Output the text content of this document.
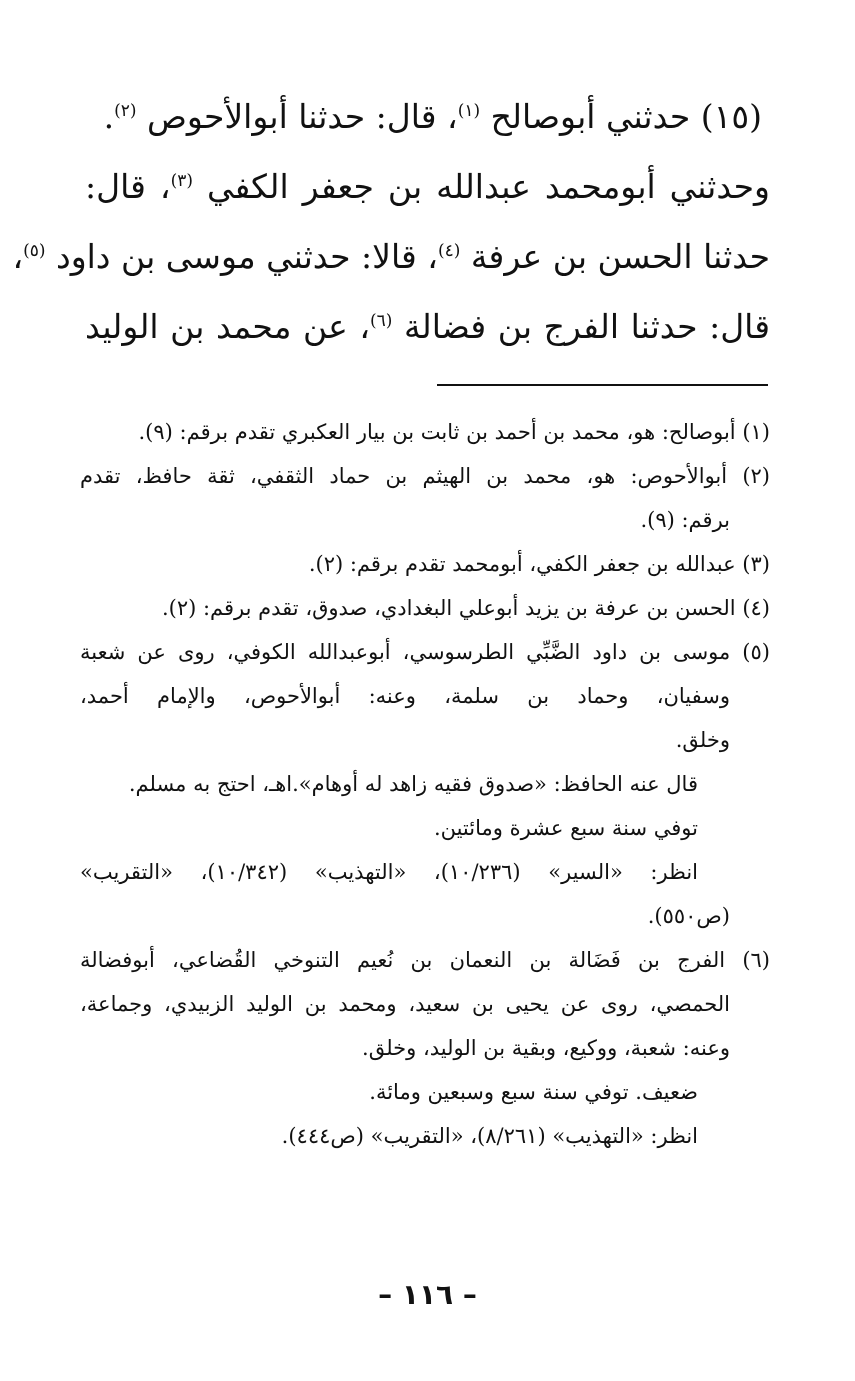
(١٥) حدثني أبوصالح $^{(١)}$، قال: حدثنا أبوالأحوص $^{(٢)}$.
وحدثني أبومحمد عبدالله بن جعفر الكفي $^{(٣)}$، قال:
حدثنا الحسن بن عرفة $^{(٤)}$، قالا: حدثني موسى بن داود $^{(٥)}$،
قال: حدثنا الفرج بن فضالة $^{(٦)}$، عن محمد بن الوليد
(١) أبوصالح: هو، محمد بن أحمد بن ثابت بن بيار العكبري تقدم برقم: (٩).
(٢) أبوالأحوص: هو، محمد بن الهيثم بن حماد الثقفي، ثقة حافظ، تقدم
برقم: (٩).
(٣) عبدالله بن جعفر الكفي، أبومحمد تقدم برقم: (٢).
(٤) الحسن بن عرفة بن يزيد أبوعلي البغدادي، صدوق، تقدم برقم: (٢).
(٥) موسى بن داود الضَّبِّي الطرسوسي، أبوعبدالله الكوفي، روى عن شعبة
وسفيان، وحماد بن سلمة، وعنه: أبوالأحوص، والإمام أحمد،
وخلق.
قال عنه الحافظ: «صدوق فقيه زاهد له أوهام».اهـ، احتج به مسلم.
توفي سنة سبع عشرة ومائتين.
انظر: «السير» (١٠/٢٣٦)، «التهذيب» (١٠/٣٤٢)، «التقريب»
(ص٥٥٠).
(٦) الفرج بن فَضَالة بن النعمان بن نُعيم التنوخي القُضاعي، أبوفضالة
الحمصي، روى عن يحيى بن سعيد، ومحمد بن الوليد الزبيدي، وجماعة،
وعنه: شعبة، ووكيع، وبقية بن الوليد، وخلق.
ضعيف. توفي سنة سبع وسبعين ومائة.
انظر: «التهذيب» (٨/٢٦١)، «التقريب» (ص٤٤٤).
– ١١٦ –
